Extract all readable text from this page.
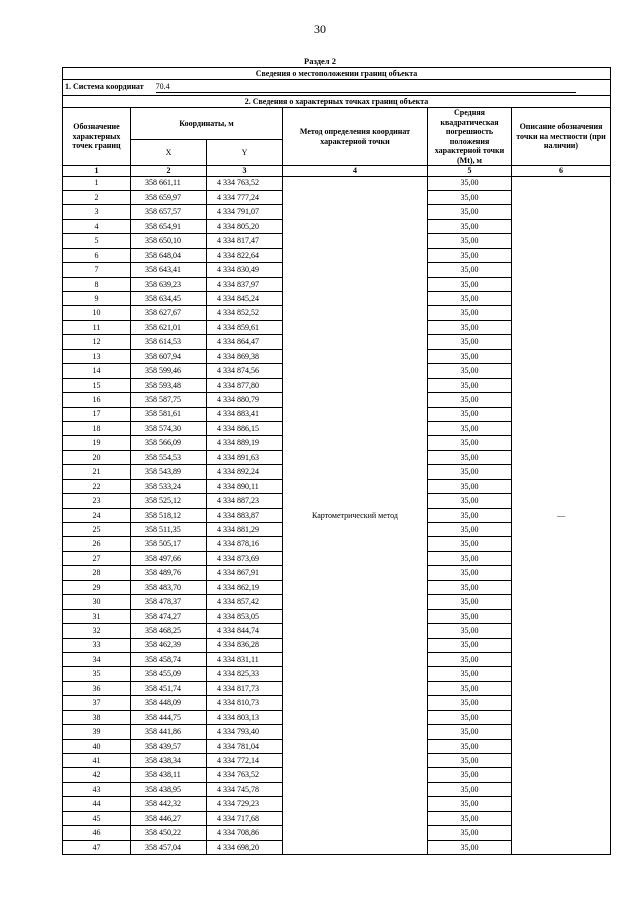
30
Раздел 2
Сведения о местоположении границ объекта					
1. Система координат 70.4					
2. Сведения о характерных точках границ объекта					
Обозначение характерных точек границ	Координаты, м		Метод определения координат характерной точки	Средняя квадратическая погрешность положения характерной точки (Mt), м	Описание обозначения точки на местности (при наличии)
	X	Y			
1	2	3	4	5	6
1	358 661,11	4 334 763,52	Картометрический метод	35,00	—
2	358 659,97	4 334 777,24		35,00	
3	358 657,57	4 334 791,07		35,00	
4	358 654,91	4 334 805,20		35,00	
5	358 650,10	4 334 817,47		35,00	
6	358 648,04	4 334 822,64		35,00	
7	358 643,41	4 334 830,49		35,00	
8	358 639,23	4 334 837,97		35,00	
9	358 634,45	4 334 845,24		35,00	
10	358 627,67	4 334 852,52		35,00	
11	358 621,01	4 334 859,61		35,00	
12	358 614,53	4 334 864,47		35,00	
13	358 607,94	4 334 869,38		35,00	
14	358 599,46	4 334 874,56		35,00	
15	358 593,48	4 334 877,80		35,00	
16	358 587,75	4 334 880,79		35,00	
17	358 581,61	4 334 883,41		35,00	
18	358 574,30	4 334 886,15		35,00	
19	358 566,09	4 334 889,19		35,00	
20	358 554,53	4 334 891,63		35,00	
21	358 543,89	4 334 892,24		35,00	
22	358 533,24	4 334 890,11		35,00	
23	358 525,12	4 334 887,23		35,00	
24	358 518,12	4 334 883,87		35,00	
25	358 511,35	4 334 881,29		35,00	
26	358 505,17	4 334 878,16		35,00	
27	358 497,66	4 334 873,69		35,00	
28	358 489,76	4 334 867,91		35,00	
29	358 483,70	4 334 862,19		35,00	
30	358 478,37	4 334 857,42		35,00	
31	358 474,27	4 334 853,05		35,00	
32	358 468,25	4 334 844,74		35,00	
33	358 462,39	4 334 836,28		35,00	
34	358 458,74	4 334 831,11		35,00	
35	358 455,09	4 334 825,33		35,00	
36	358 451,74	4 334 817,73		35,00	
37	358 448,09	4 334 810,73		35,00	
38	358 444,75	4 334 803,13		35,00	
39	358 441,86	4 334 793,40		35,00	
40	358 439,57	4 334 781,04		35,00	
41	358 438,34	4 334 772,14		35,00	
42	358 438,11	4 334 763,52		35,00	
43	358 438,95	4 334 745,78		35,00	
44	358 442,32	4 334 729,23		35,00	
45	358 446,27	4 334 717,68		35,00	
46	358 450,22	4 334 708,86		35,00	
47	358 457,04	4 334 698,20		35,00	
